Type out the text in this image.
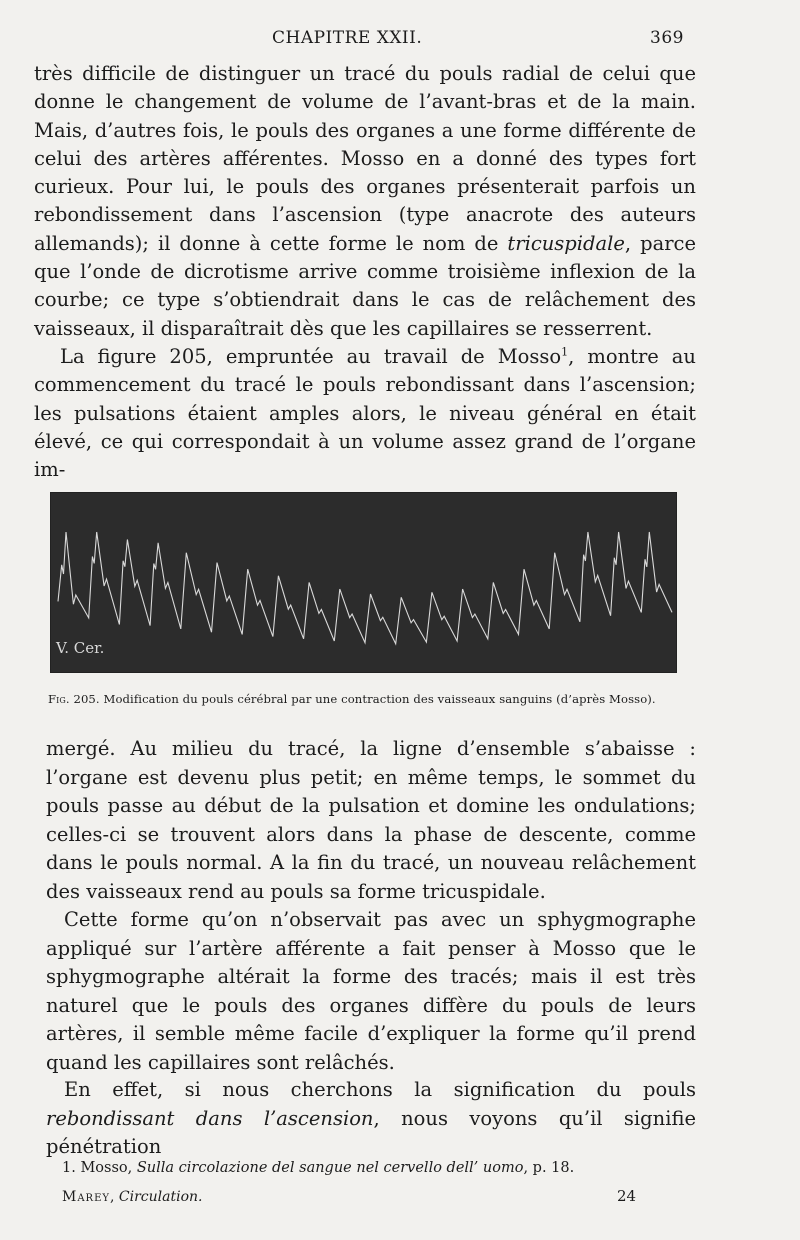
CHAPITRE XXII.	369

très difficile de distinguer un tracé du pouls radial de celui que donne le changement de volume de l’avant-bras et de la main. Mais, d’autres fois, le pouls des organes a une forme différente de celui des artères afférentes. Mosso en a donné des types fort curieux. Pour lui, le pouls des organes présenterait parfois un rebondissement dans l’ascension (type anacrote des auteurs allemands); il donne à cette forme le nom de tricuspidale, parce que l’onde de dicrotisme arrive comme troisième inflexion de la courbe; ce type s’obtiendrait dans le cas de relâchement des vaisseaux, il disparaîtrait dès que les capillaires se resserrent.

La figure 205, empruntée au travail de Mosso$^1$, montre au commencement du tracé le pouls rebondissant dans l’ascension; les pulsations étaient amples alors, le niveau général en était élevé, ce qui correspondait à un volume assez grand de l’organe im-

V. Cer.
Fig. 205. Modification du pouls cérébral par une contraction des vaisseaux sanguins (d’après Mosso).

mergé. Au milieu du tracé, la ligne d’ensemble s’abaisse : l’organe est devenu plus petit; en même temps, le sommet du pouls passe au début de la pulsation et domine les ondulations; celles-ci se trouvent alors dans la phase de descente, comme dans le pouls normal. A la fin du tracé, un nouveau relâchement des vaisseaux rend au pouls sa forme tricuspidale.

Cette forme qu’on n’observait pas avec un sphygmographe appliqué sur l’artère afférente a fait penser à Mosso que le sphygmographe altérait la forme des tracés; mais il est très naturel que le pouls des organes diffère du pouls de leurs artères, il semble même facile d’expliquer la forme qu’il prend quand les capillaires sont relâchés.

En effet, si nous cherchons la signification du pouls rebondissant dans l’ascension, nous voyons qu’il signifie pénétration

1. Mosso, Sulla circolazione del sangue nel cervello dell’ uomo, p. 18.
Marey, Circulation.	24
